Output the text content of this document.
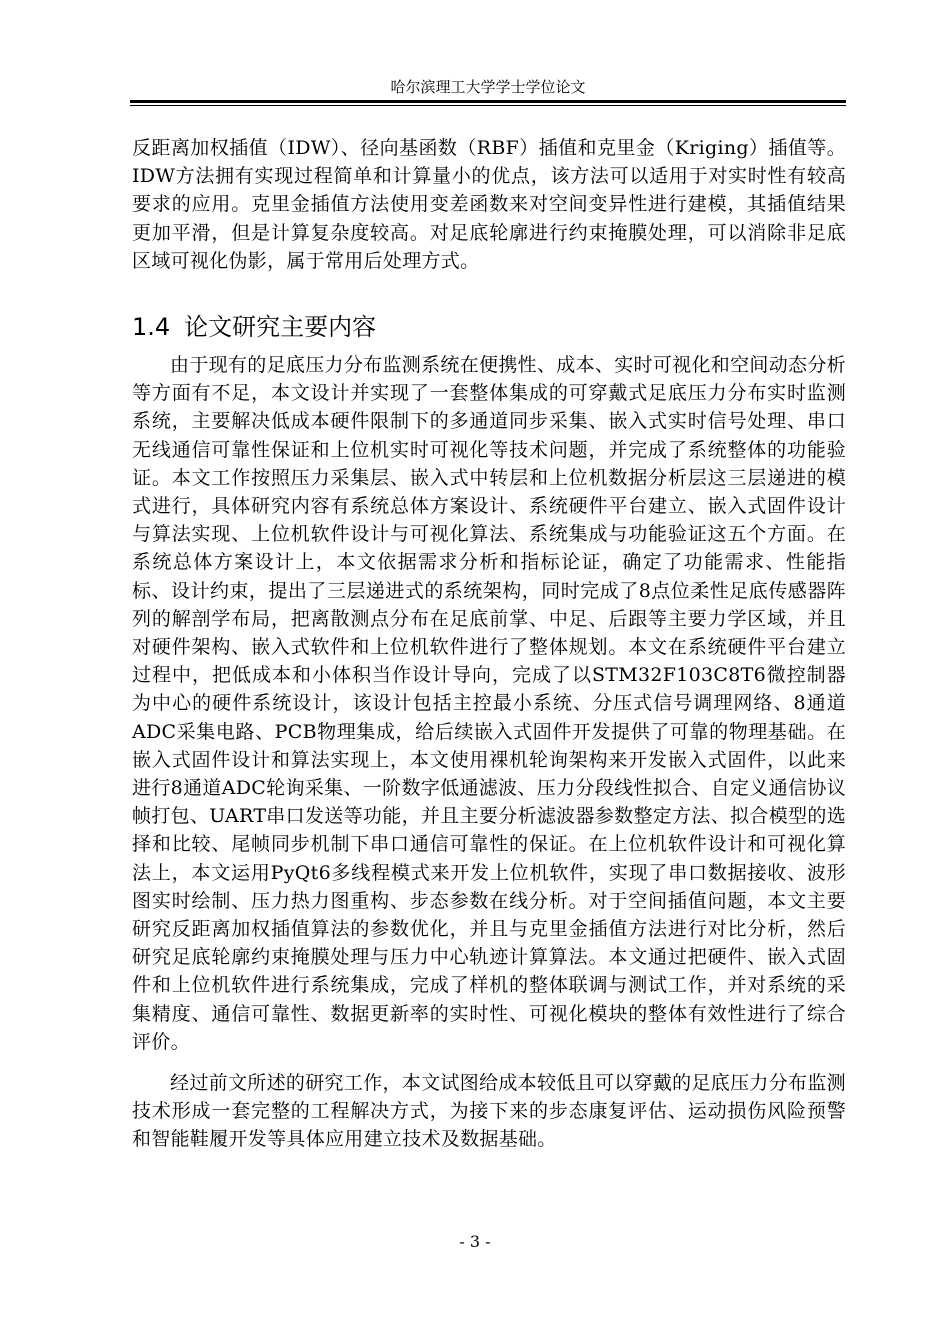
哈尔滨理工大学学士学位论文

反距离加权插值（IDW）、径向基函数（RBF）插值和克里金（Kriging）插值等。IDW方法拥有实现过程简单和计算量小的优点，该方法可以适用于对实时性有较高要求的应用。克里金插值方法使用变差函数来对空间变异性进行建模，其插值结果更加平滑，但是计算复杂度较高。对足底轮廓进行约束掩膜处理，可以消除非足底区域可视化伪影，属于常用后处理方式。

1.4 论文研究主要内容

由于现有的足底压力分布监测系统在便携性、成本、实时可视化和空间动态分析等方面有不足，本文设计并实现了一套整体集成的可穿戴式足底压力分布实时监测系统，主要解决低成本硬件限制下的多通道同步采集、嵌入式实时信号处理、串口无线通信可靠性保证和上位机实时可视化等技术问题，并完成了系统整体的功能验证。本文工作按照压力采集层、嵌入式中转层和上位机数据分析层这三层递进的模式进行，具体研究内容有系统总体方案设计、系统硬件平台建立、嵌入式固件设计与算法实现、上位机软件设计与可视化算法、系统集成与功能验证这五个方面。在系统总体方案设计上，本文依据需求分析和指标论证，确定了功能需求、性能指标、设计约束，提出了三层递进式的系统架构，同时完成了8点位柔性足底传感器阵列的解剖学布局，把离散测点分布在足底前掌、中足、后跟等主要力学区域，并且对硬件架构、嵌入式软件和上位机软件进行了整体规划。本文在系统硬件平台建立过程中，把低成本和小体积当作设计导向，完成了以STM32F103C8T6微控制器为中心的硬件系统设计，该设计包括主控最小系统、分压式信号调理网络、8通道ADC采集电路、PCB物理集成，给后续嵌入式固件开发提供了可靠的物理基础。在嵌入式固件设计和算法实现上，本文使用裸机轮询架构来开发嵌入式固件，以此来进行8通道ADC轮询采集、一阶数字低通滤波、压力分段线性拟合、自定义通信协议帧打包、UART串口发送等功能，并且主要分析滤波器参数整定方法、拟合模型的选择和比较、尾帧同步机制下串口通信可靠性的保证。在上位机软件设计和可视化算法上，本文运用PyQt6多线程模式来开发上位机软件，实现了串口数据接收、波形图实时绘制、压力热力图重构、步态参数在线分析。对于空间插值问题，本文主要研究反距离加权插值算法的参数优化，并且与克里金插值方法进行对比分析，然后研究足底轮廓约束掩膜处理与压力中心轨迹计算算法。本文通过把硬件、嵌入式固件和上位机软件进行系统集成，完成了样机的整体联调与测试工作，并对系统的采集精度、通信可靠性、数据更新率的实时性、可视化模块的整体有效性进行了综合评价。

经过前文所述的研究工作，本文试图给成本较低且可以穿戴的足底压力分布监测技术形成一套完整的工程解决方式，为接下来的步态康复评估、运动损伤风险预警和智能鞋履开发等具体应用建立技术及数据基础。

- 3 -
